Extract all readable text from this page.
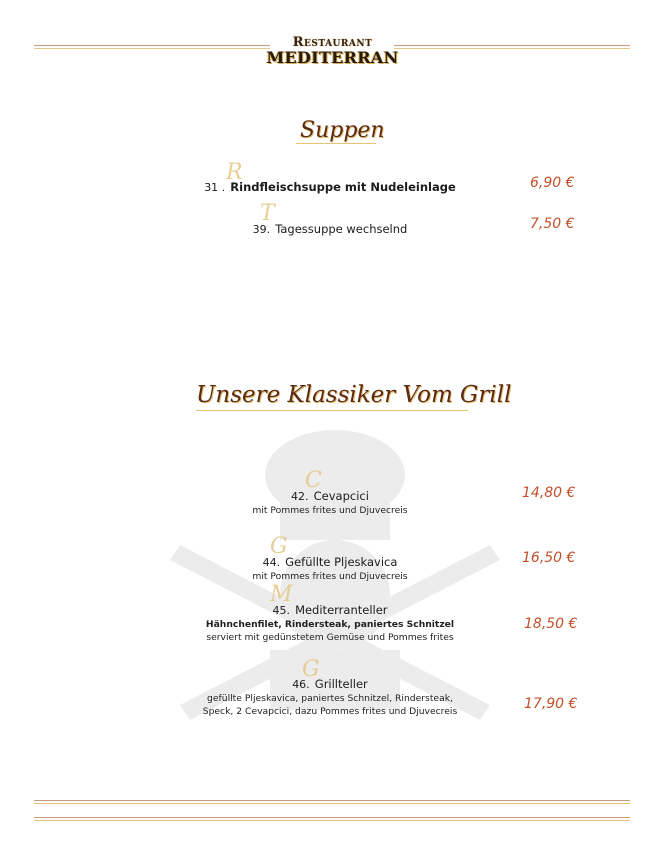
Restaurant
MEDITERRAN
Suppen
R
31 . Rindfleischsuppe mit Nudeleinlage	6,90 €
T
39. Tagessuppe wechselnd	7,50 €
Unsere Klassiker Vom Grill
C
42. Cevapcici
mit Pommes frites und Djuvecreis
14,80 €
G
44. Gefüllte Pljeskavica
mit Pommes frites und Djuvecreis
16,50 €
M
45. Mediterranteller
Hähnchenfilet, Rindersteak, paniertes Schnitzel
serviert mit gedünstetem Gemüse und Pommes frites
18,50 €
G
46. Grillteller
gefüllte Pljeskavica, paniertes Schnitzel, Rindersteak,
Speck, 2 Cevapcici, dazu Pommes frites und Djuvecreis	17,90 €
